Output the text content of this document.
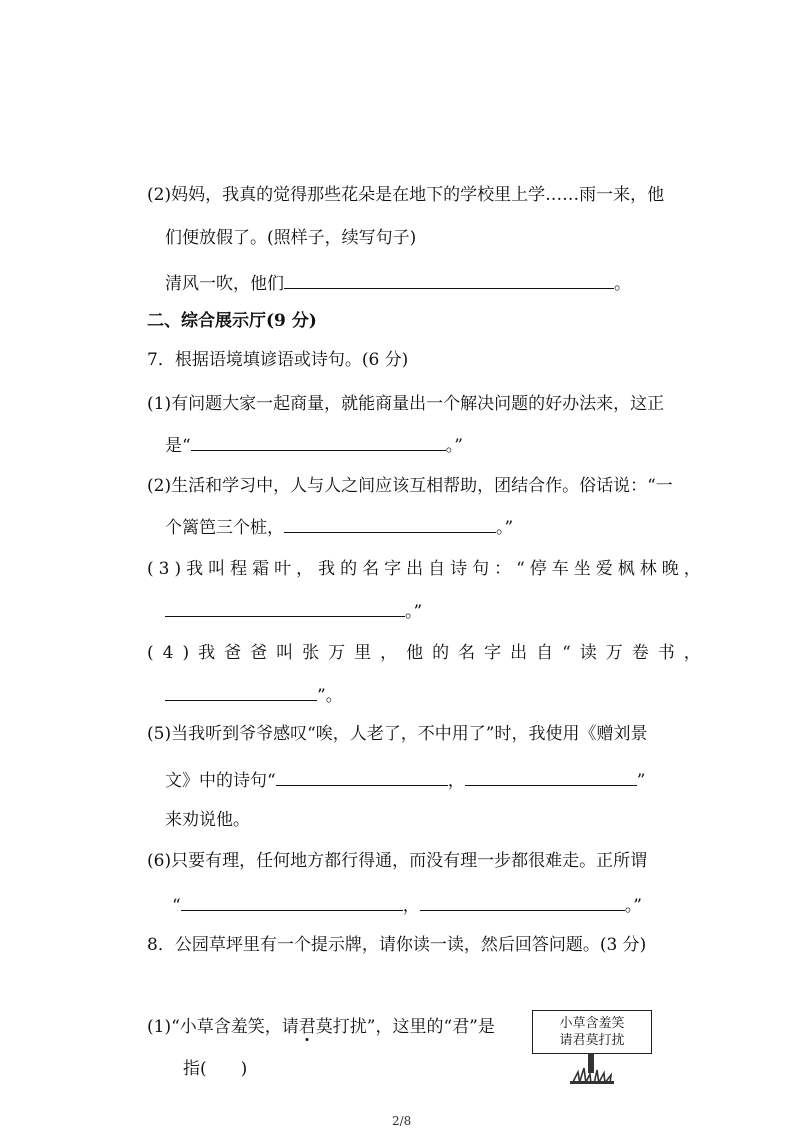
(2)妈妈，我真的觉得那些花朵是在地下的学校里上学……雨一来，他
们便放假了。(照样子，续写句子)
清风一吹，他们	。
二、综合展示厅(9 分)
7．根据语境填谚语或诗句。(6 分)
(1)有问题大家一起商量，就能商量出一个解决问题的好办法来，这正
是“	。”
(2)生活和学习中，人与人之间应该互相帮助，团结合作。俗话说：“一
个篱笆三个桩，	。”
(3)我叫程霜叶，我的名字出自诗句：“停车坐爱枫林晚，
。”
(4)我爸爸叫张万里，他的名字出自“读万卷书，
”。
(5)当我听到爷爷感叹“唉，人老了，不中用了”时，我使用《赠刘景
文》中的诗句“	，	”
来劝说他。
(6)只要有理，任何地方都行得通，而没有理一步都很难走。正所谓
“	，	。”
8．公园草坪里有一个提示牌，请你读一读，然后回答问题。(3 分)
(1)“小草含羞笑，请君莫打扰”，这里的“君”是
指(　　)
小草含羞笑
请君莫打扰
2/8
